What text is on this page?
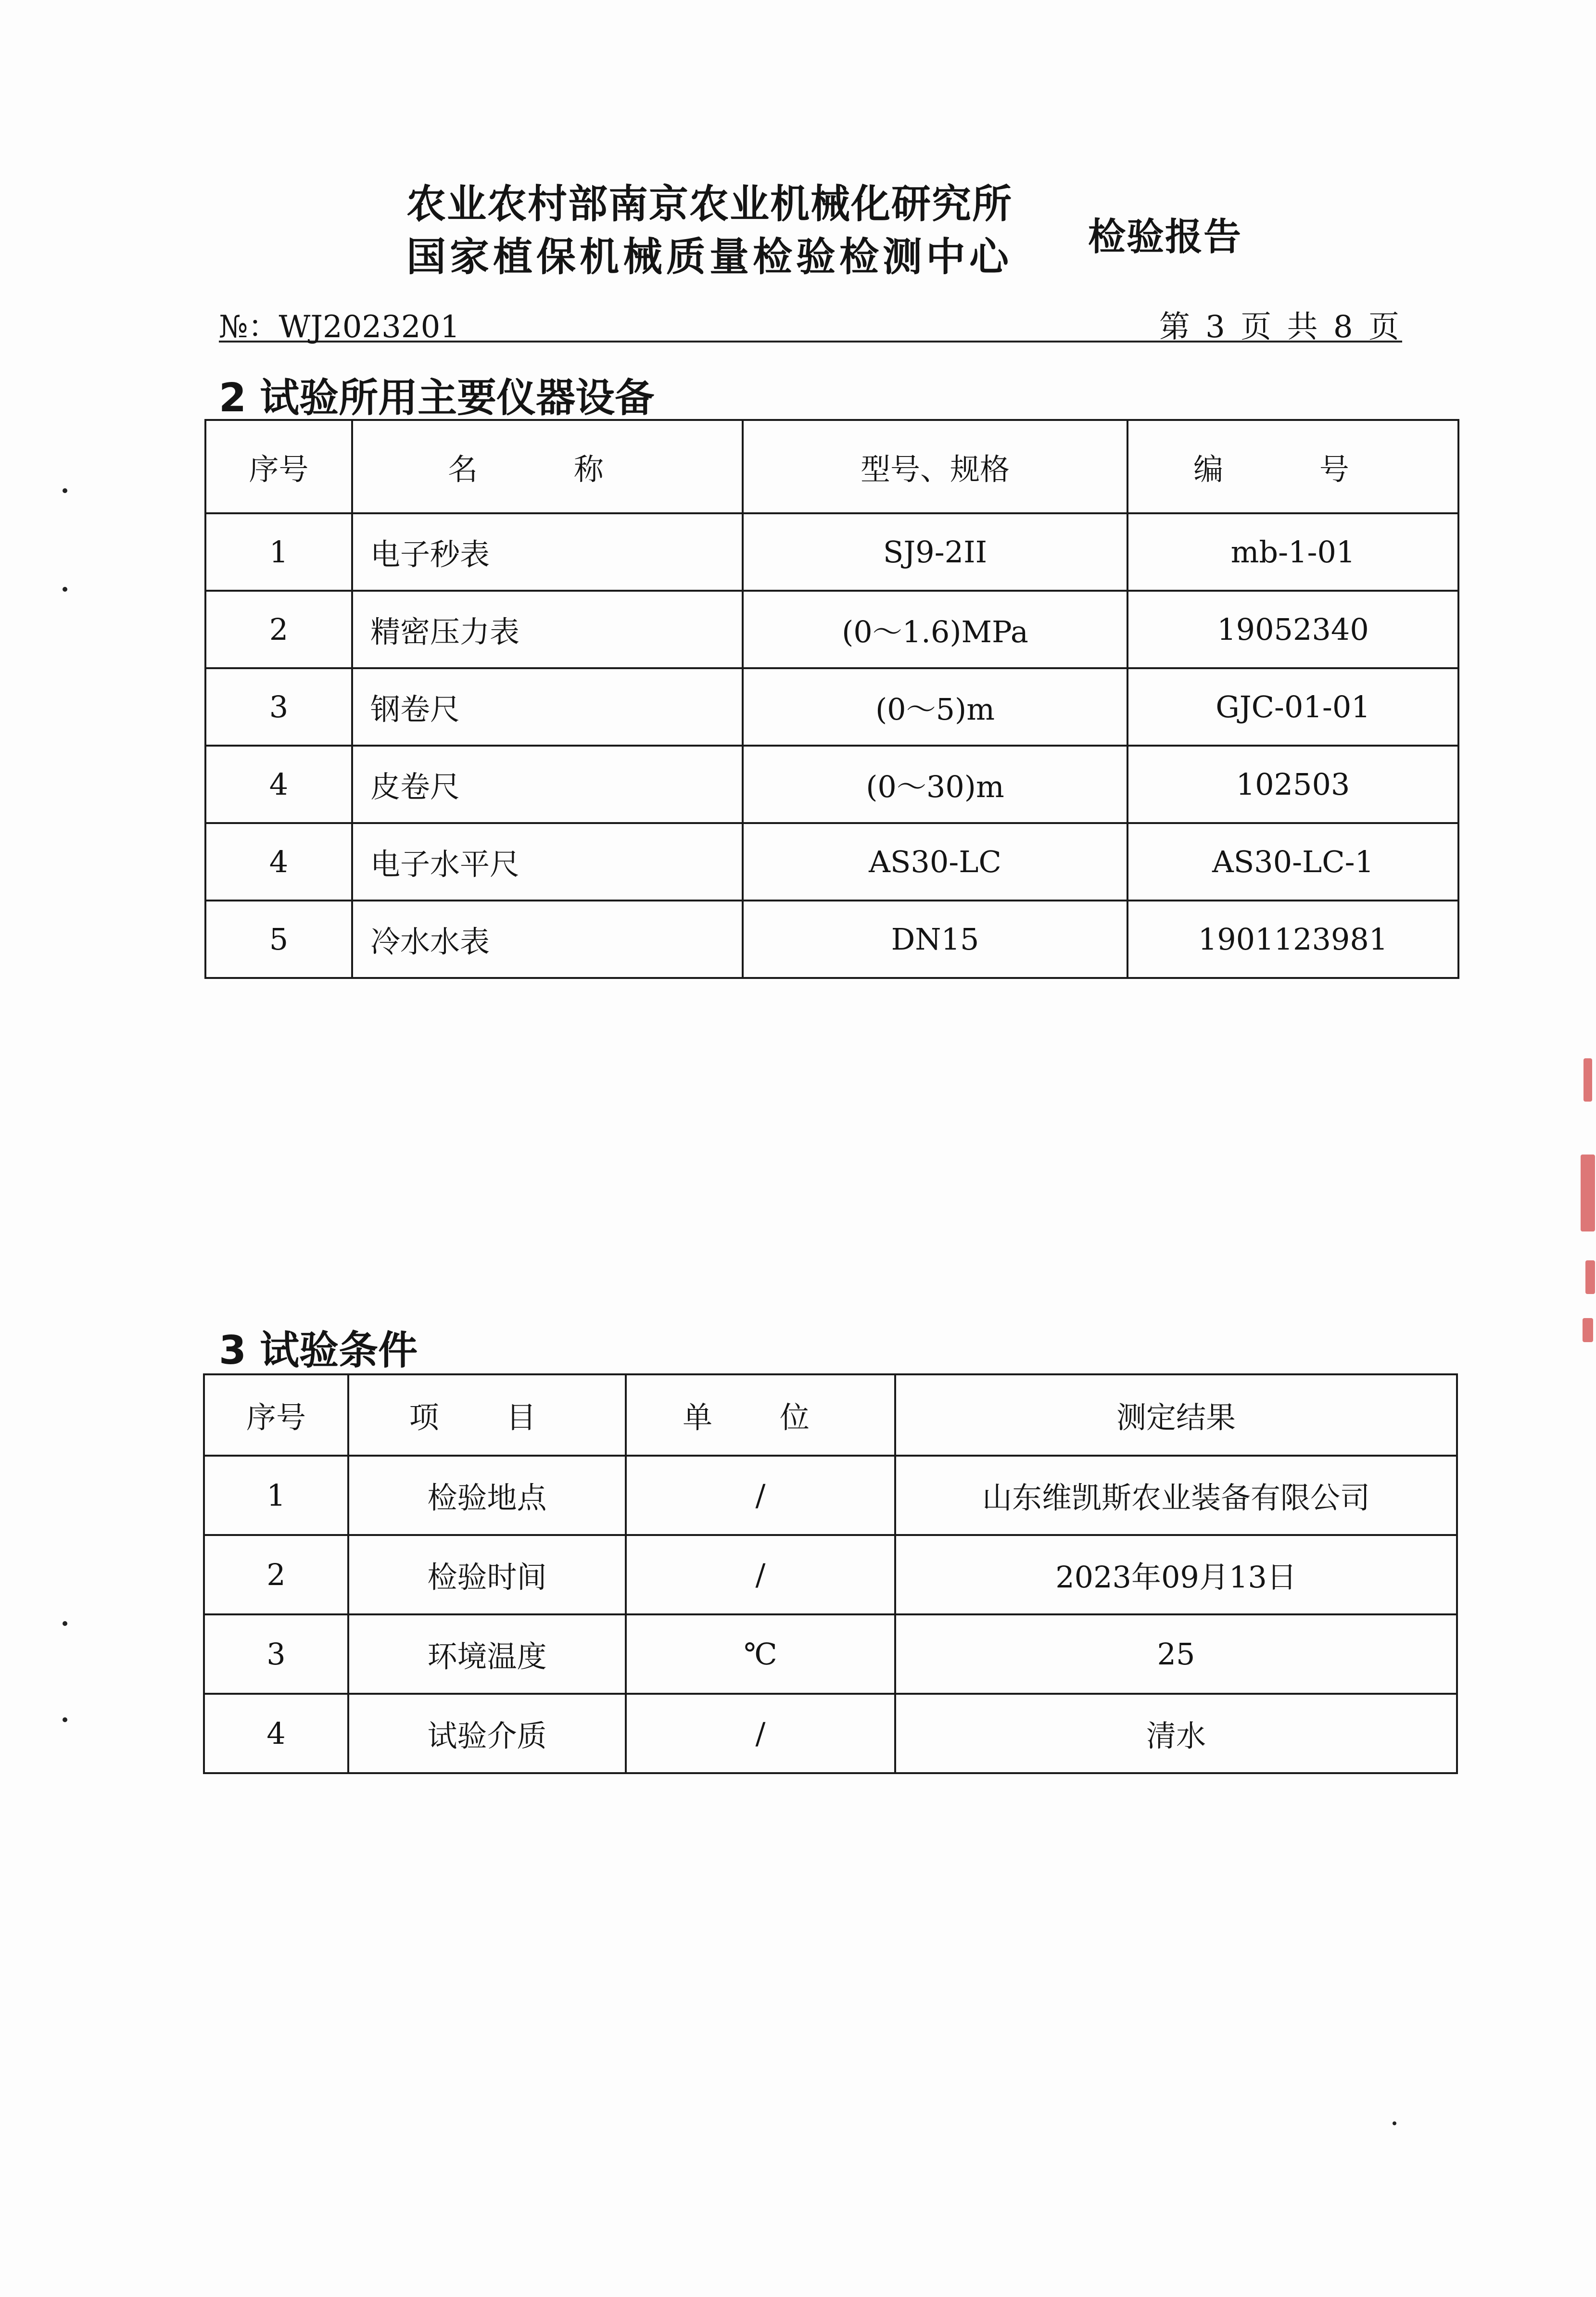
农业农村部南京农业机械化研究所
国家植保机械质量检验检测中心	检验报告
№：WJ2023201	第 3 页 共 8 页
2 试验所用主要仪器设备
序号	名 称	型号、规格	编 号
1	电子秒表	SJ9-2II	mb-1-01
2	精密压力表	(0～1.6)MPa	19052340
3	钢卷尺	(0～5)m	GJC-01-01
4	皮卷尺	(0～30)m	102503
4	电子水平尺	AS30-LC	AS30-LC-1
5	冷水水表	DN15	1901123981
3 试验条件
序号	项 目	单 位	测定结果
1	检验地点	/	山东维凯斯农业装备有限公司
2	检验时间	/	2023年09月13日
3	环境温度	℃	25
4	试验介质	/	清水
